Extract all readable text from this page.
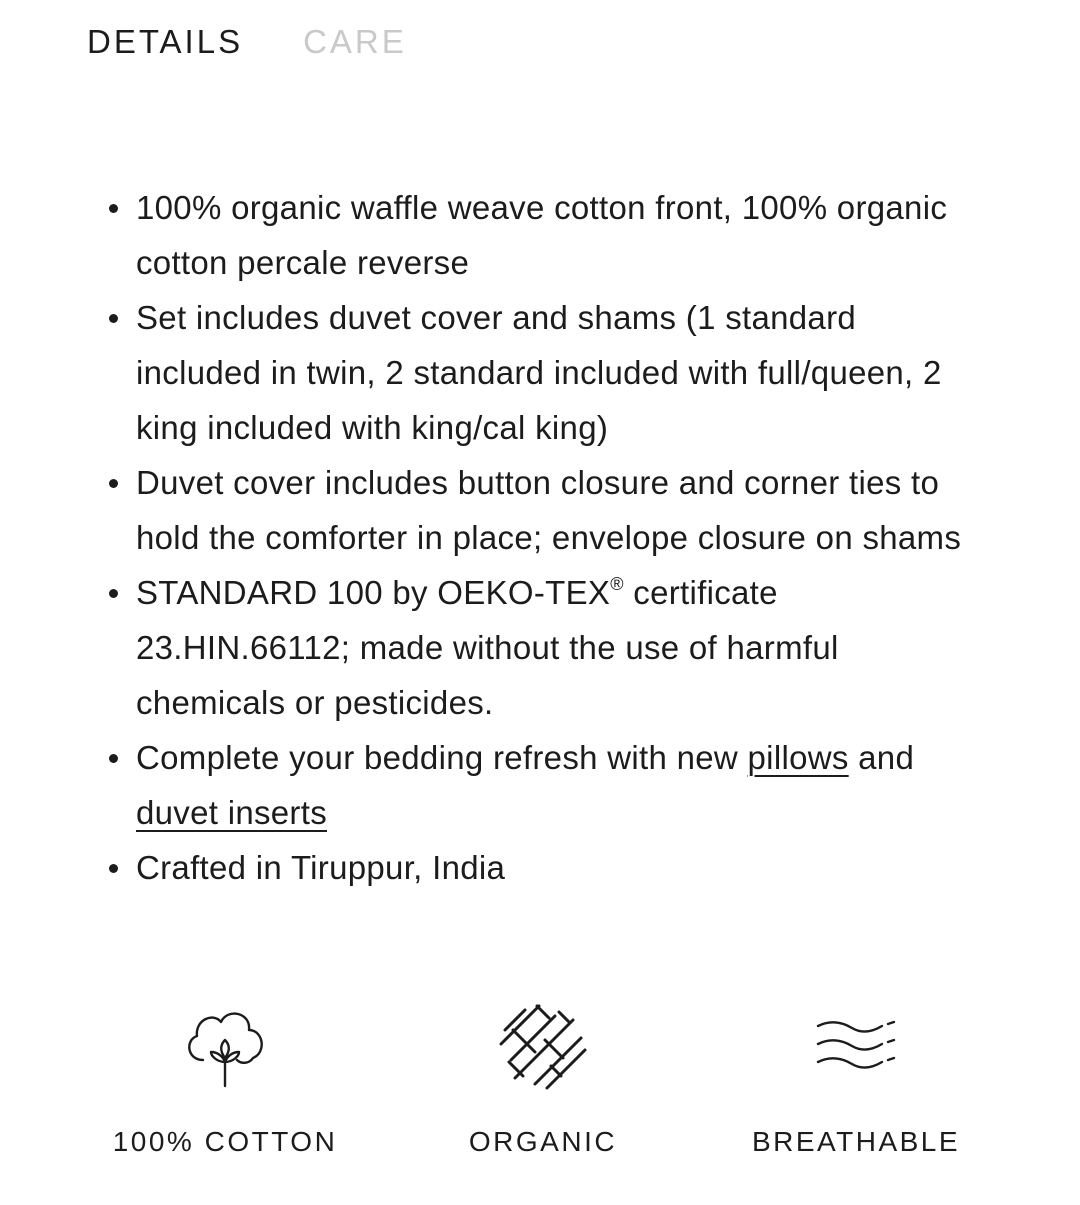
DETAILS CARE
100% organic waffle weave cotton front, 100% organic cotton percale reverse
Set includes duvet cover and shams (1 standard included in twin, 2 standard included with full/queen, 2 king included with king/cal king)
Duvet cover includes button closure and corner ties to hold the comforter in place; envelope closure on shams
STANDARD 100 by OEKO-TEX® certificate 23.HIN.66112; made without the use of harmful chemicals or pesticides.
Complete your bedding refresh with new pillows and duvet inserts
Crafted in Tiruppur, India
100% COTTON	ORGANIC	BREATHABLE
